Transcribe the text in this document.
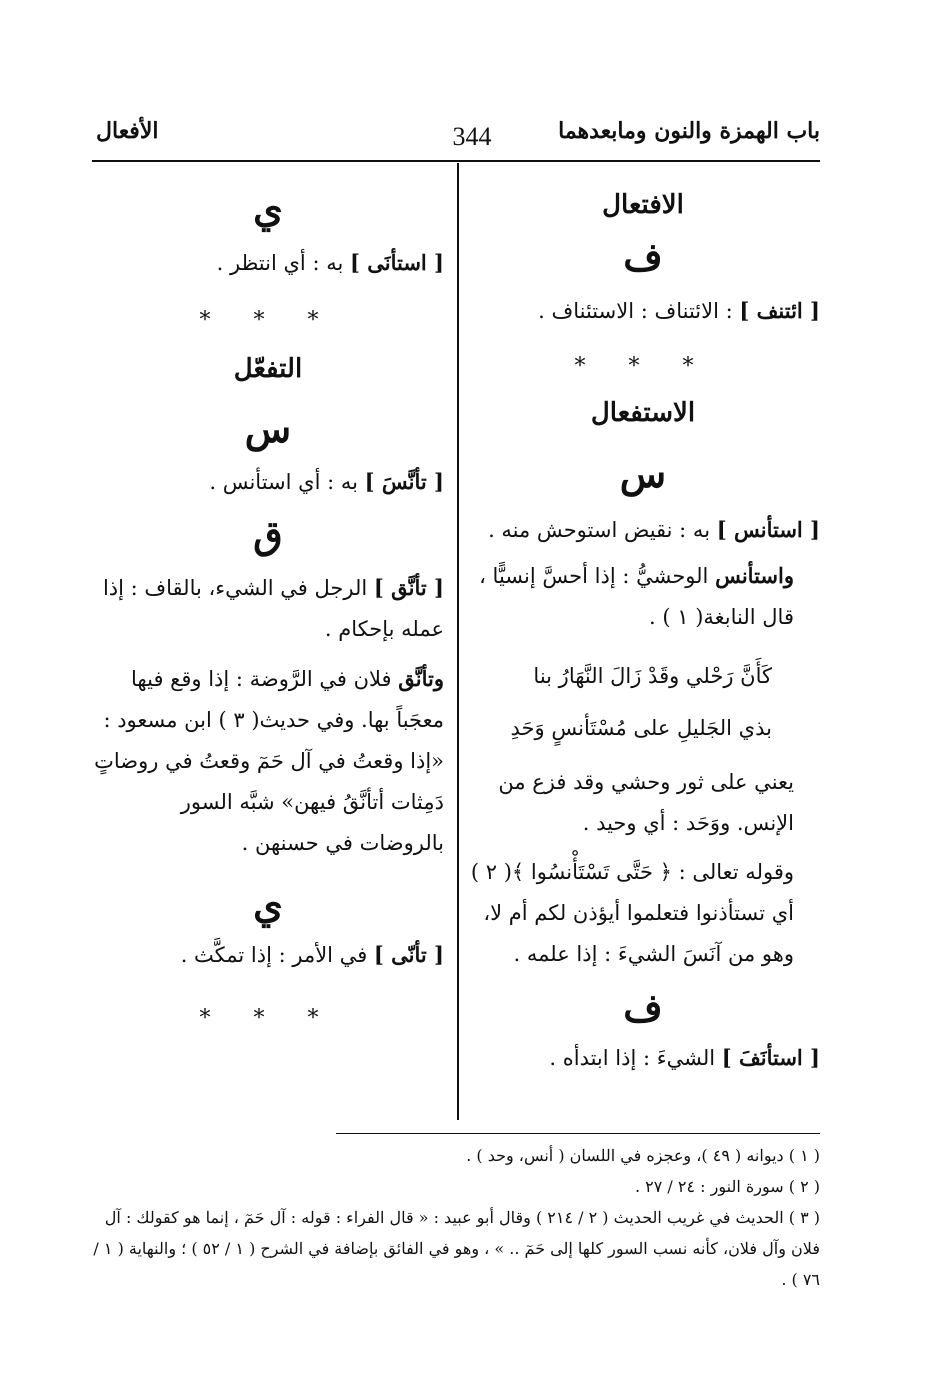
باب الهمزة والنون ومابعدهما
344
الأفعال

الافتعال

ف

[ ائتنف ] : الائتناف : الاستئناف .

* * *

الاستفعال

س

[ استأنس ] به : نقيض استوحش منه .

واستأنس الوحشيُّ : إذا أحسَّ إنسيًّا ، قال النابغة( ١ ) .

كَأَنَّ رَحْلي وقَدْ زَالَ النَّهَارُ بنا

بذي الجَليلِ على مُسْتَأنسٍ وَحَدِ

يعني على ثور وحشي وقد فزع من الإنس. ووَحَد : أي وحيد .

وقوله تعالى : ﴿ حَتَّى تَسْتَأْنسُوا ﴾( ٢ ) أي تستأذنوا فتعلموا أيؤذن لكم أم لا، وهو من آنَسَ الشيءَ : إذا علمه .

ف

[ استأنَفَ ] الشيءَ : إذا ابتدأه .

ي

[ استأنَى ] به : أي انتظر .

* * *

التفعّل

س

[ تأنَّسَ ] به : أي استأنس .

ق

[ تأنَّق ] الرجل في الشيء، بالقاف : إذا عمله بإحكام .

وتأنَّق فلان في الرَّوضة : إذا وقع فيها معجَباً بها. وفي حديث( ٣ ) ابن مسعود : «إذا وقعتُ في آل حَمٓ وقعتُ في روضاتٍ دَمِثات أتأنَّقُ فيهن» شبَّه السور بالروضات في حسنهن .

ي

[ تأنّى ] في الأمر : إذا تمكَّث .

* * *

( ١ ) ديوانه ( ٤٩ )، وعجزه في اللسان ( أنس، وحد ) .

( ٢ ) سورة النور : ٢٤ / ٢٧ .

( ٣ ) الحديث في غريب الحديث ( ٢ / ٢١٤ ) وقال أبو عبيد : « قال الفراء : قوله : آل حَمٓ ، إنما هو كقولك : آل فلان وآل فلان، كأنه نسب السور كلها إلى حَمٓ .. » ، وهو في الفائق بإضافة في الشرح ( ١ / ٥٢ ) ؛ والنهاية ( ١ / ٧٦ ) .
